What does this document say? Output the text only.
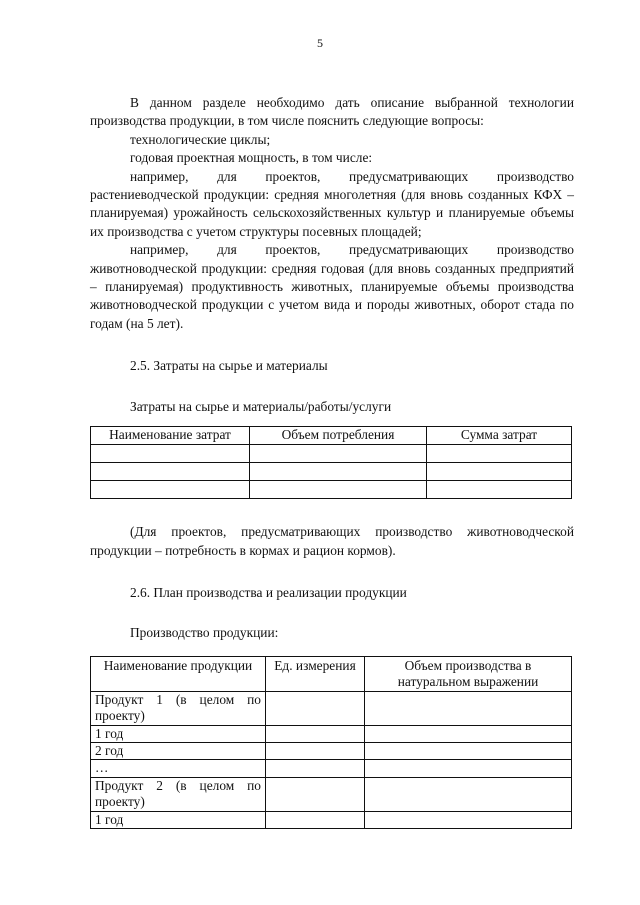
5

В данном разделе необходимо дать описание выбранной технологии производства продукции, в том числе пояснить следующие вопросы:

технологические циклы;

годовая проектная мощность, в том числе:

например, для проектов, предусматривающих производство растениеводческой продукции: средняя многолетняя (для вновь созданных КФХ – планируемая) урожайность сельскохозяйственных культур и планируемые объемы их производства с учетом структуры посевных площадей;

например, для проектов, предусматривающих производство животноводческой продукции: средняя годовая (для вновь созданных предприятий – планируемая) продуктивность животных, планируемые объемы производства животноводческой продукции с учетом вида и породы животных, оборот стада по годам (на 5 лет).

2.5. Затраты на сырье и материалы

Затраты на сырье и материалы/работы/услуги

Наименование затрат	Объем потребления	Сумма затрат

(Для проектов, предусматривающих производство животноводческой продукции – потребность в кормах и рацион кормов).

2.6. План производства и реализации продукции

Производство продукции:

Наименование продукции	Ед. измерения	Объем производства в натуральном выражении
Продукт 1 (в целом по проекту)		
1 год		
2 год		
…		
Продукт 2 (в целом по проекту)		
1 год		
